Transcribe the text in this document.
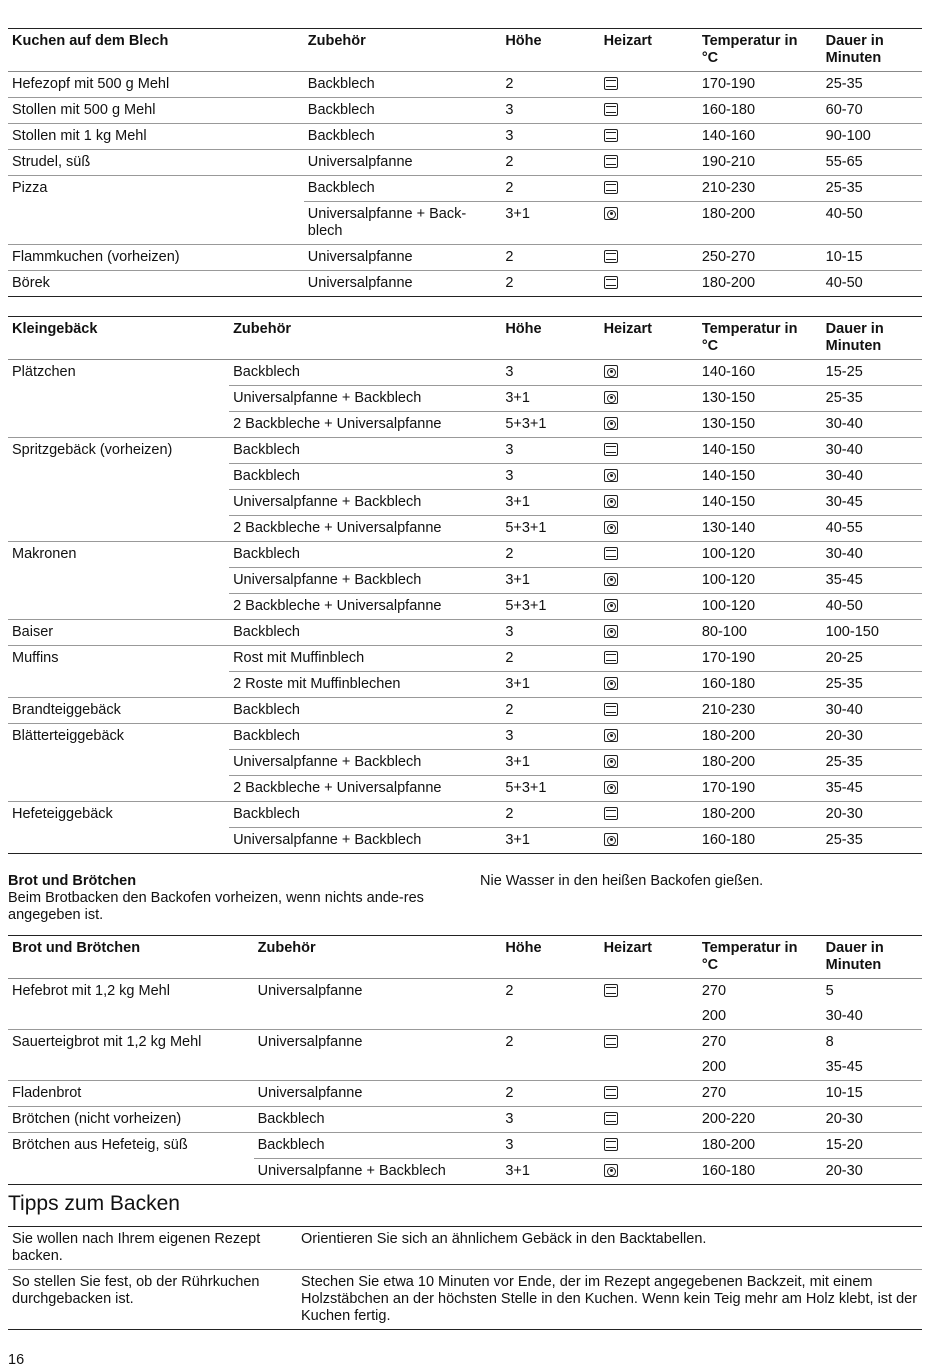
Kuchen auf dem Blech	Zubehör	Höhe	Heizart	Temperatur in °C	Dauer in Minuten
Hefezopf mit 500 g Mehl	Backblech	2		170-190	25-35
Stollen mit 500 g Mehl	Backblech	3		160-180	60-70
Stollen mit 1 kg Mehl	Backblech	3		140-160	90-100
Strudel, süß	Universalpfanne	2		190-210	55-65
Pizza	Backblech	2		210-230	25-35
	Universalpfanne + Back-blech	3+1		180-200	40-50
Flammkuchen (vorheizen)	Universalpfanne	2		250-270	10-15
Börek	Universalpfanne	2		180-200	40-50
Kleingebäck	Zubehör	Höhe	Heizart	Temperatur in °C	Dauer in Minuten
Plätzchen	Backblech	3		140-160	15-25
	Universalpfanne + Backblech	3+1		130-150	25-35
	2 Backbleche + Universalpfanne	5+3+1		130-150	30-40
Spritzgebäck (vorheizen)	Backblech	3		140-150	30-40
	Backblech	3		140-150	30-40
	Universalpfanne + Backblech	3+1		140-150	30-45
	2 Backbleche + Universalpfanne	5+3+1		130-140	40-55
Makronen	Backblech	2		100-120	30-40
	Universalpfanne + Backblech	3+1		100-120	35-45
	2 Backbleche + Universalpfanne	5+3+1		100-120	40-50
Baiser	Backblech	3		80-100	100-150
Muffins	Rost mit Muffinblech	2		170-190	20-25
	2 Roste mit Muffinblechen	3+1		160-180	25-35
Brandteiggebäck	Backblech	2		210-230	30-40
Blätterteiggebäck	Backblech	3		180-200	20-30
	Universalpfanne + Backblech	3+1		180-200	25-35
	2 Backbleche + Universalpfanne	5+3+1		170-190	35-45
Hefeteiggebäck	Backblech	2		180-200	20-30
	Universalpfanne + Backblech	3+1		160-180	25-35
Brot und Brötchen
Beim Brotbacken den Backofen vorheizen, wenn nichts ande-res angegeben ist.
Nie Wasser in den heißen Backofen gießen.
Brot und Brötchen	Zubehör	Höhe	Heizart	Temperatur in °C	Dauer in Minuten
Hefebrot mit 1,2 kg Mehl	Universalpfanne	2		270	5
				200	30-40
Sauerteigbrot mit 1,2 kg Mehl	Universalpfanne	2		270	8
				200	35-45
Fladenbrot	Universalpfanne	2		270	10-15
Brötchen (nicht vorheizen)	Backblech	3		200-220	20-30
Brötchen aus Hefeteig, süß	Backblech	3		180-200	15-20
	Universalpfanne + Backblech	3+1		160-180	20-30
Tipps zum Backen
Sie wollen nach Ihrem eigenen Rezept backen.	Orientieren Sie sich an ähnlichem Gebäck in den Backtabellen.
So stellen Sie fest, ob der Rührkuchen durchgebacken ist.	Stechen Sie etwa 10 Minuten vor Ende, der im Rezept angegebenen Backzeit, mit einem Holzstäbchen an der höchsten Stelle in den Kuchen. Wenn kein Teig mehr am Holz klebt, ist der Kuchen fertig.
16
